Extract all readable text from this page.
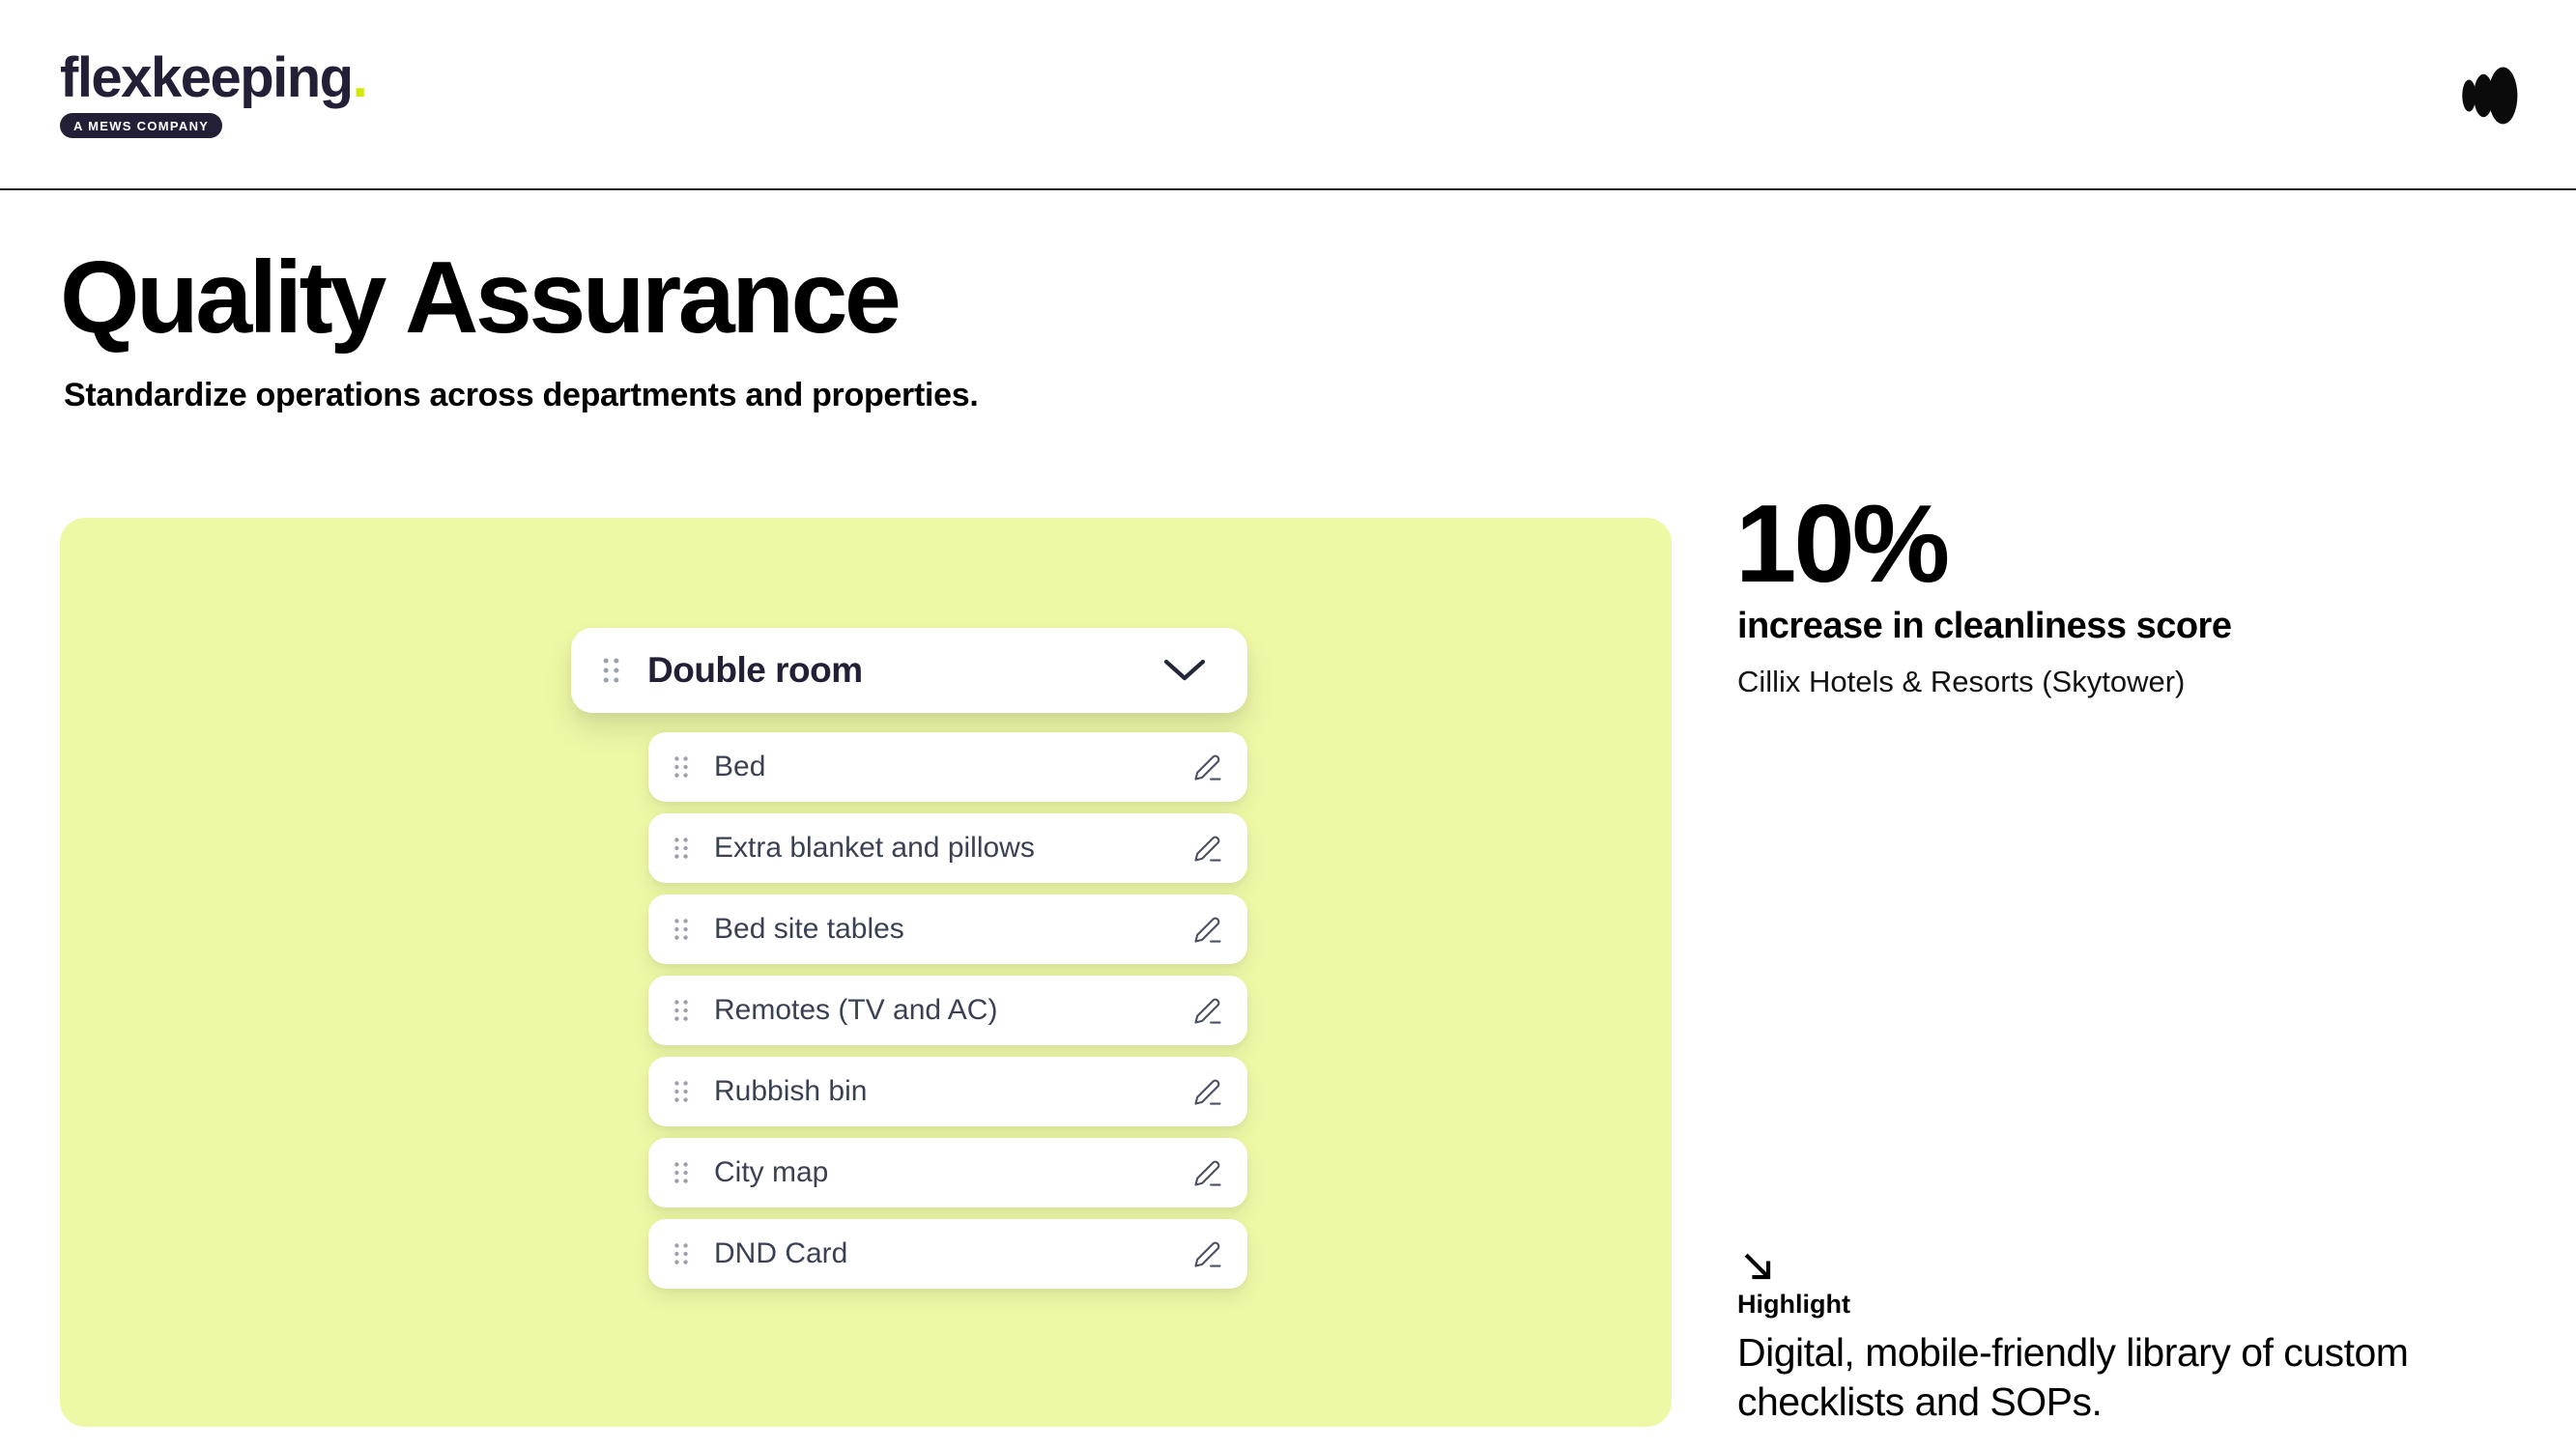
flexkeeping.
A MEWS COMPANY
Quality Assurance

Standardize operations across departments and properties.

Double room
Bed
Extra blanket and pillows
Bed site tables
Remotes (TV and AC)
Rubbish bin
City map
DND Card

10%

increase in cleanliness score

Cillix Hotels & Resorts (Skytower)

Highlight

Digital, mobile-friendly library of custom checklists and SOPs.
